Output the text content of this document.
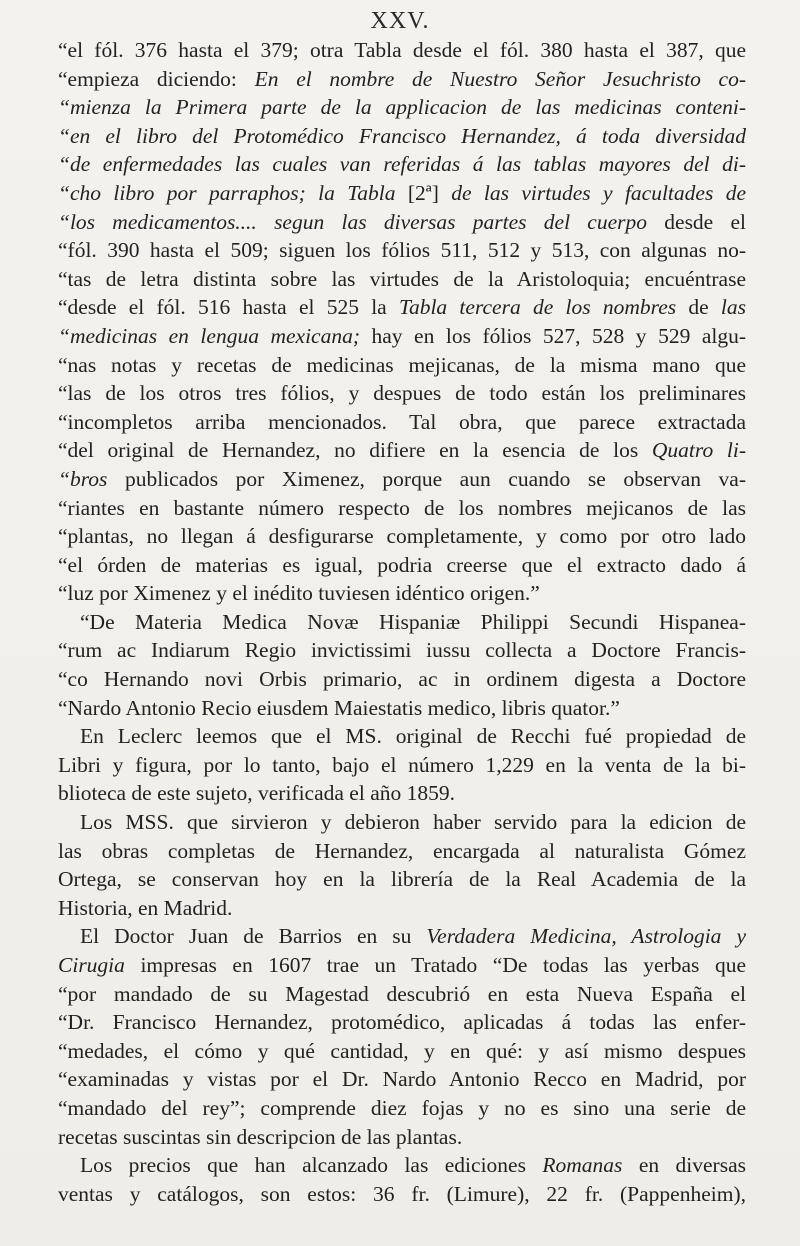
XXV.
“el fól. 376 hasta el 379; otra Tabla desde el fól. 380 hasta el 387, que
“empieza diciendo: En el nombre de Nuestro Señor Jesuchristo co-
“mienza la Primera parte de la applicacion de las medicinas conteni-
“en el libro del Protomédico Francisco Hernandez, á toda diversidad
“de enfermedades las cuales van referidas á las tablas mayores del di-
“cho libro por parraphos; la Tabla [2ª] de las virtudes y facultades de
“los medicamentos.... segun las diversas partes del cuerpo desde el
“fól. 390 hasta el 509; siguen los fólios 511, 512 y 513, con algunas no-
“tas de letra distinta sobre las virtudes de la Aristoloquia; encuéntrase
“desde el fól. 516 hasta el 525 la Tabla tercera de los nombres de las
“medicinas en lengua mexicana; hay en los fólios 527, 528 y 529 algu-
“nas notas y recetas de medicinas mejicanas, de la misma mano que
“las de los otros tres fólios, y despues de todo están los preliminares
“incompletos arriba mencionados. Tal obra, que parece extractada
“del original de Hernandez, no difiere en la esencia de los Quatro li-
“bros publicados por Ximenez, porque aun cuando se observan va-
“riantes en bastante número respecto de los nombres mejicanos de las
“plantas, no llegan á desfigurarse completamente, y como por otro lado
“el órden de materias es igual, podria creerse que el extracto dado á
“luz por Ximenez y el inédito tuviesen idéntico origen.”
“De Materia Medica Novæ Hispaniæ Philippi Secundi Hispanea-
“rum ac Indiarum Regio invictissimi iussu collecta a Doctore Francis-
“co Hernando novi Orbis primario, ac in ordinem digesta a Doctore
“Nardo Antonio Recio eiusdem Maiestatis medico, libris quator.”
En Leclerc leemos que el MS. original de Recchi fué propiedad de
Libri y figura, por lo tanto, bajo el número 1,229 en la venta de la bi-
blioteca de este sujeto, verificada el año 1859.
Los MSS. que sirvieron y debieron haber servido para la edicion de
las obras completas de Hernandez, encargada al naturalista Gómez
Ortega, se conservan hoy en la librería de la Real Academia de la
Historia, en Madrid.
El Doctor Juan de Barrios en su Verdadera Medicina, Astrologia y
Cirugia impresas en 1607 trae un Tratado “De todas las yerbas que
“por mandado de su Magestad descubrió en esta Nueva España el
“Dr. Francisco Hernandez, protomédico, aplicadas á todas las enfer-
“medades, el cómo y qué cantidad, y en qué: y así mismo despues
“examinadas y vistas por el Dr. Nardo Antonio Recco en Madrid, por
“mandado del rey”; comprende diez fojas y no es sino una serie de
recetas suscintas sin descripcion de las plantas.
Los precios que han alcanzado las ediciones Romanas en diversas
ventas y catálogos, son estos: 36 fr. (Limure), 22 fr. (Pappenheim),
